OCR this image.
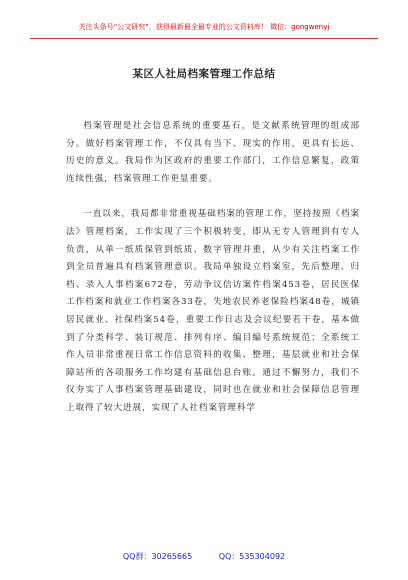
关注头条号“公文研究”，获得最新最全最专业的公文资料库！ 微信：gongwenyj
某区人社局档案管理工作总结

档案管理是社会信息系统的重要基石，是文献系统管理的组成部分。做好档案管理工作，不仅具有当下、现实的作用，更具有长远、历史的意义。我局作为区政府的重要工作部门，工作信息繁复，政策连续性强，档案管理工作更显重要。

一直以来，我局都非常重视基础档案的管理工作，坚持按照《档案法》管理档案，工作实现了三个积极转变，即从无专人管理到有专人负责，从单一纸质保管到纸质、数字管理并重，从少有关注档案工作到全员普遍具有档案管理意识。我局单独设立档案室，先后整理、归档、录入人事档案672卷，劳动争议信访案件档案453卷，居民医保工作档案和就业工作档案各33卷，失地农民养老保险档案48卷，城镇居民就业、社保档案54卷，重要工作日志及会议纪要若干卷，基本做到了分类科学、装订规范、排列有序、编目编号系统规范；全系统工作人员非常重视日常工作信息资料的收集、整理，基层就业和社会保障站所的各项服务工作均建有基础信息台账。通过不懈努力，我们不仅夯实了人事档案管理基础建设，同时也在就业和社会保障信息管理上取得了较大进展，实现了人社档案管理科学

QQ群：30265665	QQ：535304092
